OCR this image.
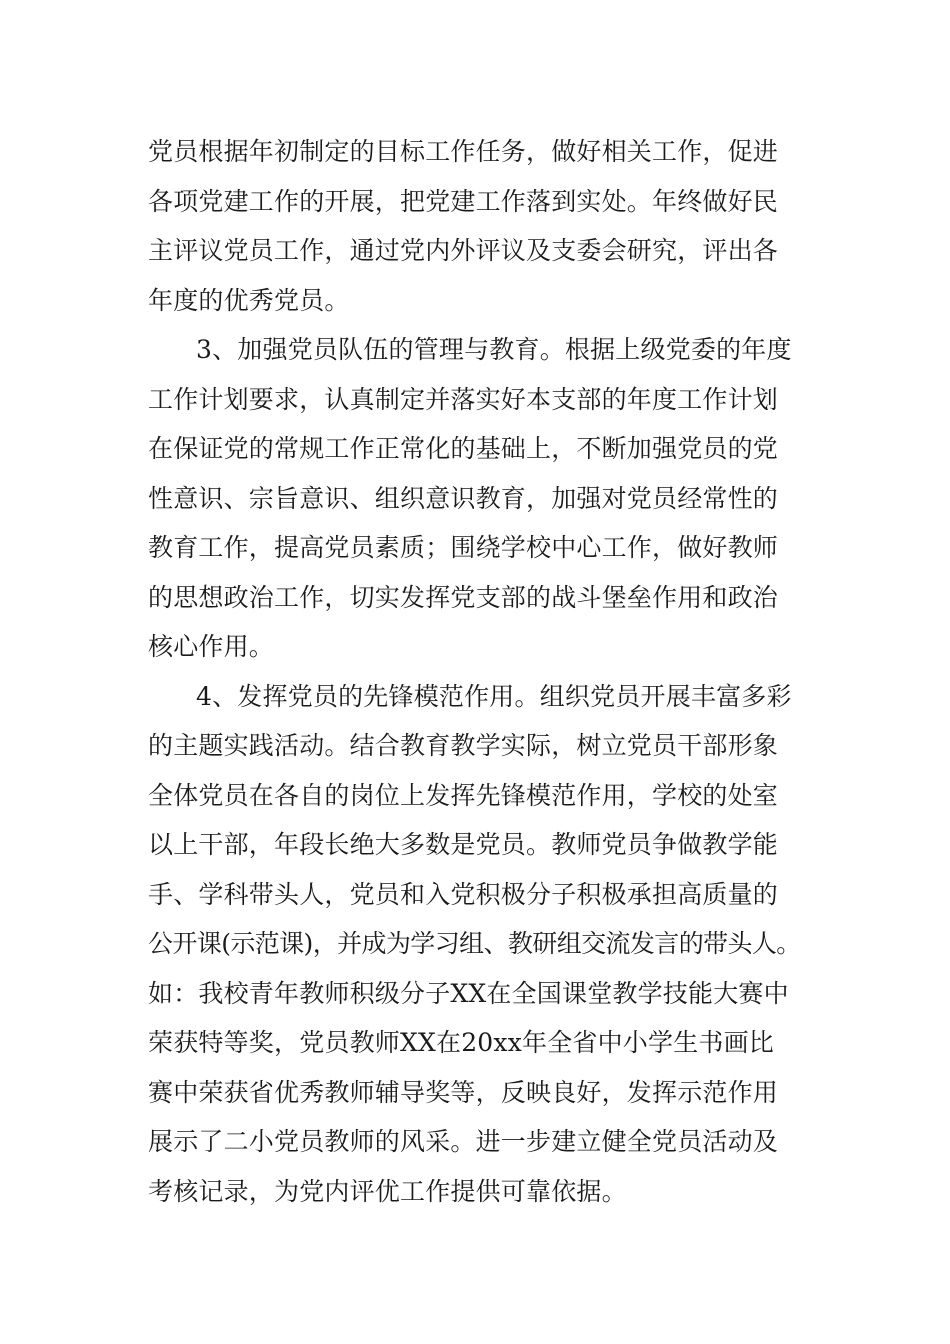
党员根据年初制定的目标工作任务，做好相关工作，促进
各项党建工作的开展，把党建工作落到实处。年终做好民
主评议党员工作，通过党内外评议及支委会研究，评出各
年度的优秀党员。
3、加强党员队伍的管理与教育。根据上级党委的年度
工作计划要求，认真制定并落实好本支部的年度工作计划
在保证党的常规工作正常化的基础上，不断加强党员的党
性意识、宗旨意识、组织意识教育，加强对党员经常性的
教育工作，提高党员素质；围绕学校中心工作，做好教师
的思想政治工作，切实发挥党支部的战斗堡垒作用和政治
核心作用。
4、发挥党员的先锋模范作用。组织党员开展丰富多彩
的主题实践活动。结合教育教学实际，树立党员干部形象
全体党员在各自的岗位上发挥先锋模范作用，学校的处室
以上干部，年段长绝大多数是党员。教师党员争做教学能
手、学科带头人，党员和入党积极分子积极承担高质量的
公开课(示范课)，并成为学习组、教研组交流发言的带头人。
如：我校青年教师积级分子XX在全国课堂教学技能大赛中
荣获特等奖，党员教师XX在20xx年全省中小学生书画比
赛中荣获省优秀教师辅导奖等，反映良好，发挥示范作用
展示了二小党员教师的风采。进一步建立健全党员活动及
考核记录，为党内评优工作提供可靠依据。
